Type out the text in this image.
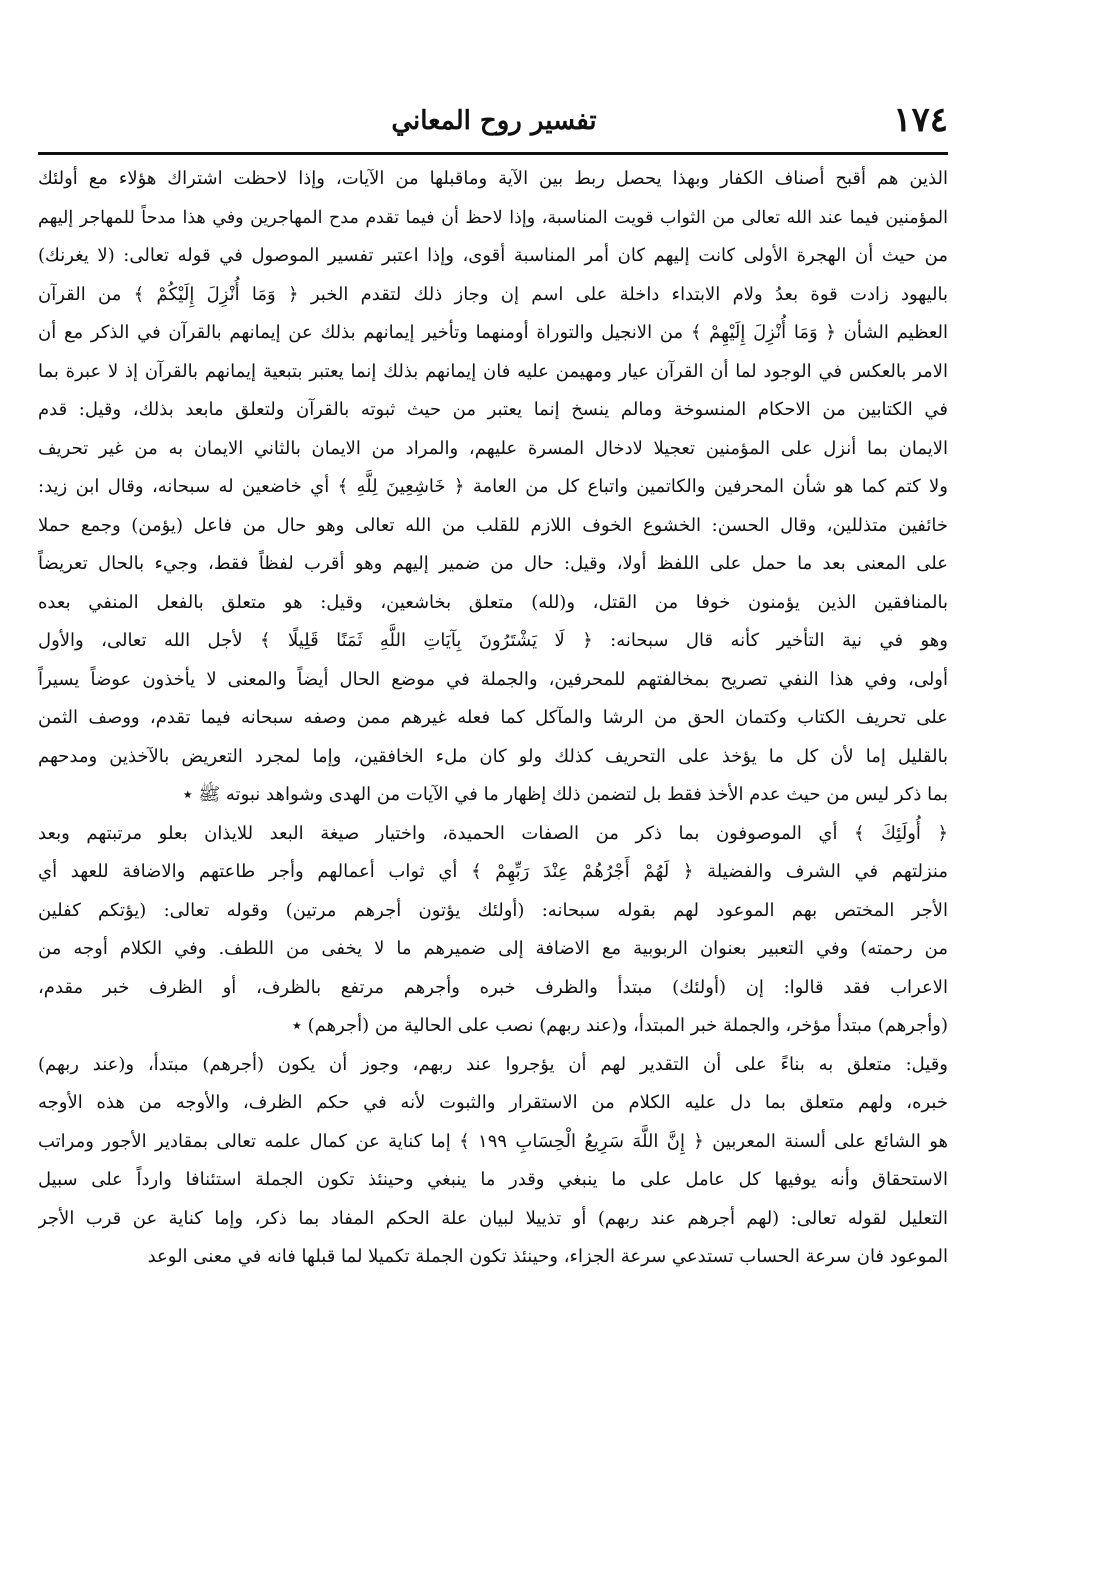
١٧٤
تفسير روح المعاني
الذين هم أقبح أصناف الكفار وبهذا يحصل ربط بين الآية وماقبلها من الآيات، وإذا لاحظت اشتراك هؤلاء مع أولئك
المؤمنين فيما عند الله تعالى من الثواب قويت المناسبة، وإذا لاحظ أن فيما تقدم مدح المهاجرين وفي هذا مدحاً للمهاجر إليهم
من حيث أن الهجرة الأولى كانت إليهم كان أمر المناسبة أقوى، وإذا اعتبر تفسير الموصول في قوله تعالى: (لا يغرنك)
باليهود زادت قوة بعدُ ولام الابتداء داخلة على اسم إن وجاز ذلك لتقدم الخبر ﴿ وَمَا أُنْزِلَ إِلَيْكُمْ ﴾ من القرآن
العظيم الشأن ﴿ وَمَا أُنْزِلَ إِلَيْهِمْ ﴾ من الانجيل والتوراة أومنهما وتأخير إيمانهم بذلك عن إيمانهم بالقرآن في الذكر مع أن
الامر بالعكس في الوجود لما أن القرآن عيار ومهيمن عليه فان إيمانهم بذلك إنما يعتبر بتبعية إيمانهم بالقرآن إذ لا عبرة بما
في الكتابين من الاحكام المنسوخة ومالم ينسخ إنما يعتبر من حيث ثبوته بالقرآن ولتعلق مابعد بذلك، وقيل: قدم
الايمان بما أنزل على المؤمنين تعجيلا لادخال المسرة عليهم، والمراد من الايمان بالثاني الايمان به من غير تحريف
ولا كتم كما هو شأن المحرفين والكاتمين واتباع كل من العامة ﴿ خَاشِعِينَ لِلَّهِ ﴾ أي خاضعين له سبحانه، وقال ابن زيد:
خائفين متذللين، وقال الحسن: الخشوع الخوف اللازم للقلب من الله تعالى وهو حال من فاعل (يؤمن) وجمع حملا
على المعنى بعد ما حمل على اللفظ أولا، وقيل: حال من ضمير إليهم وهو أقرب لفظاً فقط، وجيء بالحال تعريضاً
بالمنافقين الذين يؤمنون خوفا من القتل، و(لله) متعلق بخاشعين، وقيل: هو متعلق بالفعل المنفي بعده
وهو في نية التأخير كأنه قال سبحانه: ﴿ لَا يَشْتَرُونَ بِآيَاتِ اللَّهِ ثَمَنًا قَلِيلًا ﴾ لأجل الله تعالى، والأول
أولى، وفي هذا النفي تصريح بمخالفتهم للمحرفين، والجملة في موضع الحال أيضاً والمعنى لا يأخذون عوضاً يسيراً
على تحريف الكتاب وكتمان الحق من الرشا والمآكل كما فعله غيرهم ممن وصفه سبحانه فيما تقدم، ووصف الثمن
بالقليل إما لأن كل ما يؤخذ على التحريف كذلك ولو كان ملء الخافقين، وإما لمجرد التعريض بالآخذين ومدحهم
بما ذكر ليس من حيث عدم الأخذ فقط بل لتضمن ذلك إظهار ما في الآيات من الهدى وشواهد نبوته ﷺ ٭
﴿ أُولَئِكَ ﴾ أي الموصوفون بما ذكر من الصفات الحميدة، واختيار صيغة البعد للايذان بعلو مرتبتهم وبعد
منزلتهم في الشرف والفضيلة ﴿ لَهُمْ أَجْرُهُمْ عِنْدَ رَبِّهِمْ ﴾ أي ثواب أعمالهم وأجر طاعتهم والاضافة للعهد أي
الأجر المختص بهم الموعود لهم بقوله سبحانه: (أولئك يؤتون أجرهم مرتين) وقوله تعالى: (يؤتكم كفلين
من رحمته) وفي التعبير بعنوان الربوبية مع الاضافة إلى ضميرهم ما لا يخفى من اللطف. وفي الكلام أوجه من
الاعراب فقد قالوا: إن (أولئك) مبتدأ والظرف خبره وأجرهم مرتفع بالظرف، أو الظرف خبر مقدم،
(وأجرهم) مبتدأ مؤخر، والجملة خبر المبتدأ، و(عند ربهم) نصب على الحالية من (أجرهم) ٭
وقيل: متعلق به بناءً على أن التقدير لهم أن يؤجروا عند ربهم، وجوز أن يكون (أجرهم) مبتدأ، و(عند ربهم)
خبره، ولهم متعلق بما دل عليه الكلام من الاستقرار والثبوت لأنه في حكم الظرف، والأوجه من هذه الأوجه
هو الشائع على ألسنة المعربين ﴿ إِنَّ اللَّهَ سَرِيعُ الْحِسَابِ ١٩٩ ﴾ إما كناية عن كمال علمه تعالى بمقادير الأجور ومراتب
الاستحقاق وأنه يوفيها كل عامل على ما ينبغي وقدر ما ينبغي وحينئذ تكون الجملة استئنافا وارداً على سبيل
التعليل لقوله تعالى: (لهم أجرهم عند ربهم) أو تذييلا لبيان علة الحكم المفاد بما ذكر، وإما كناية عن قرب الأجر
الموعود فان سرعة الحساب تستدعي سرعة الجزاء، وحينئذ تكون الجملة تكميلا لما قبلها فانه في معنى الوعد
